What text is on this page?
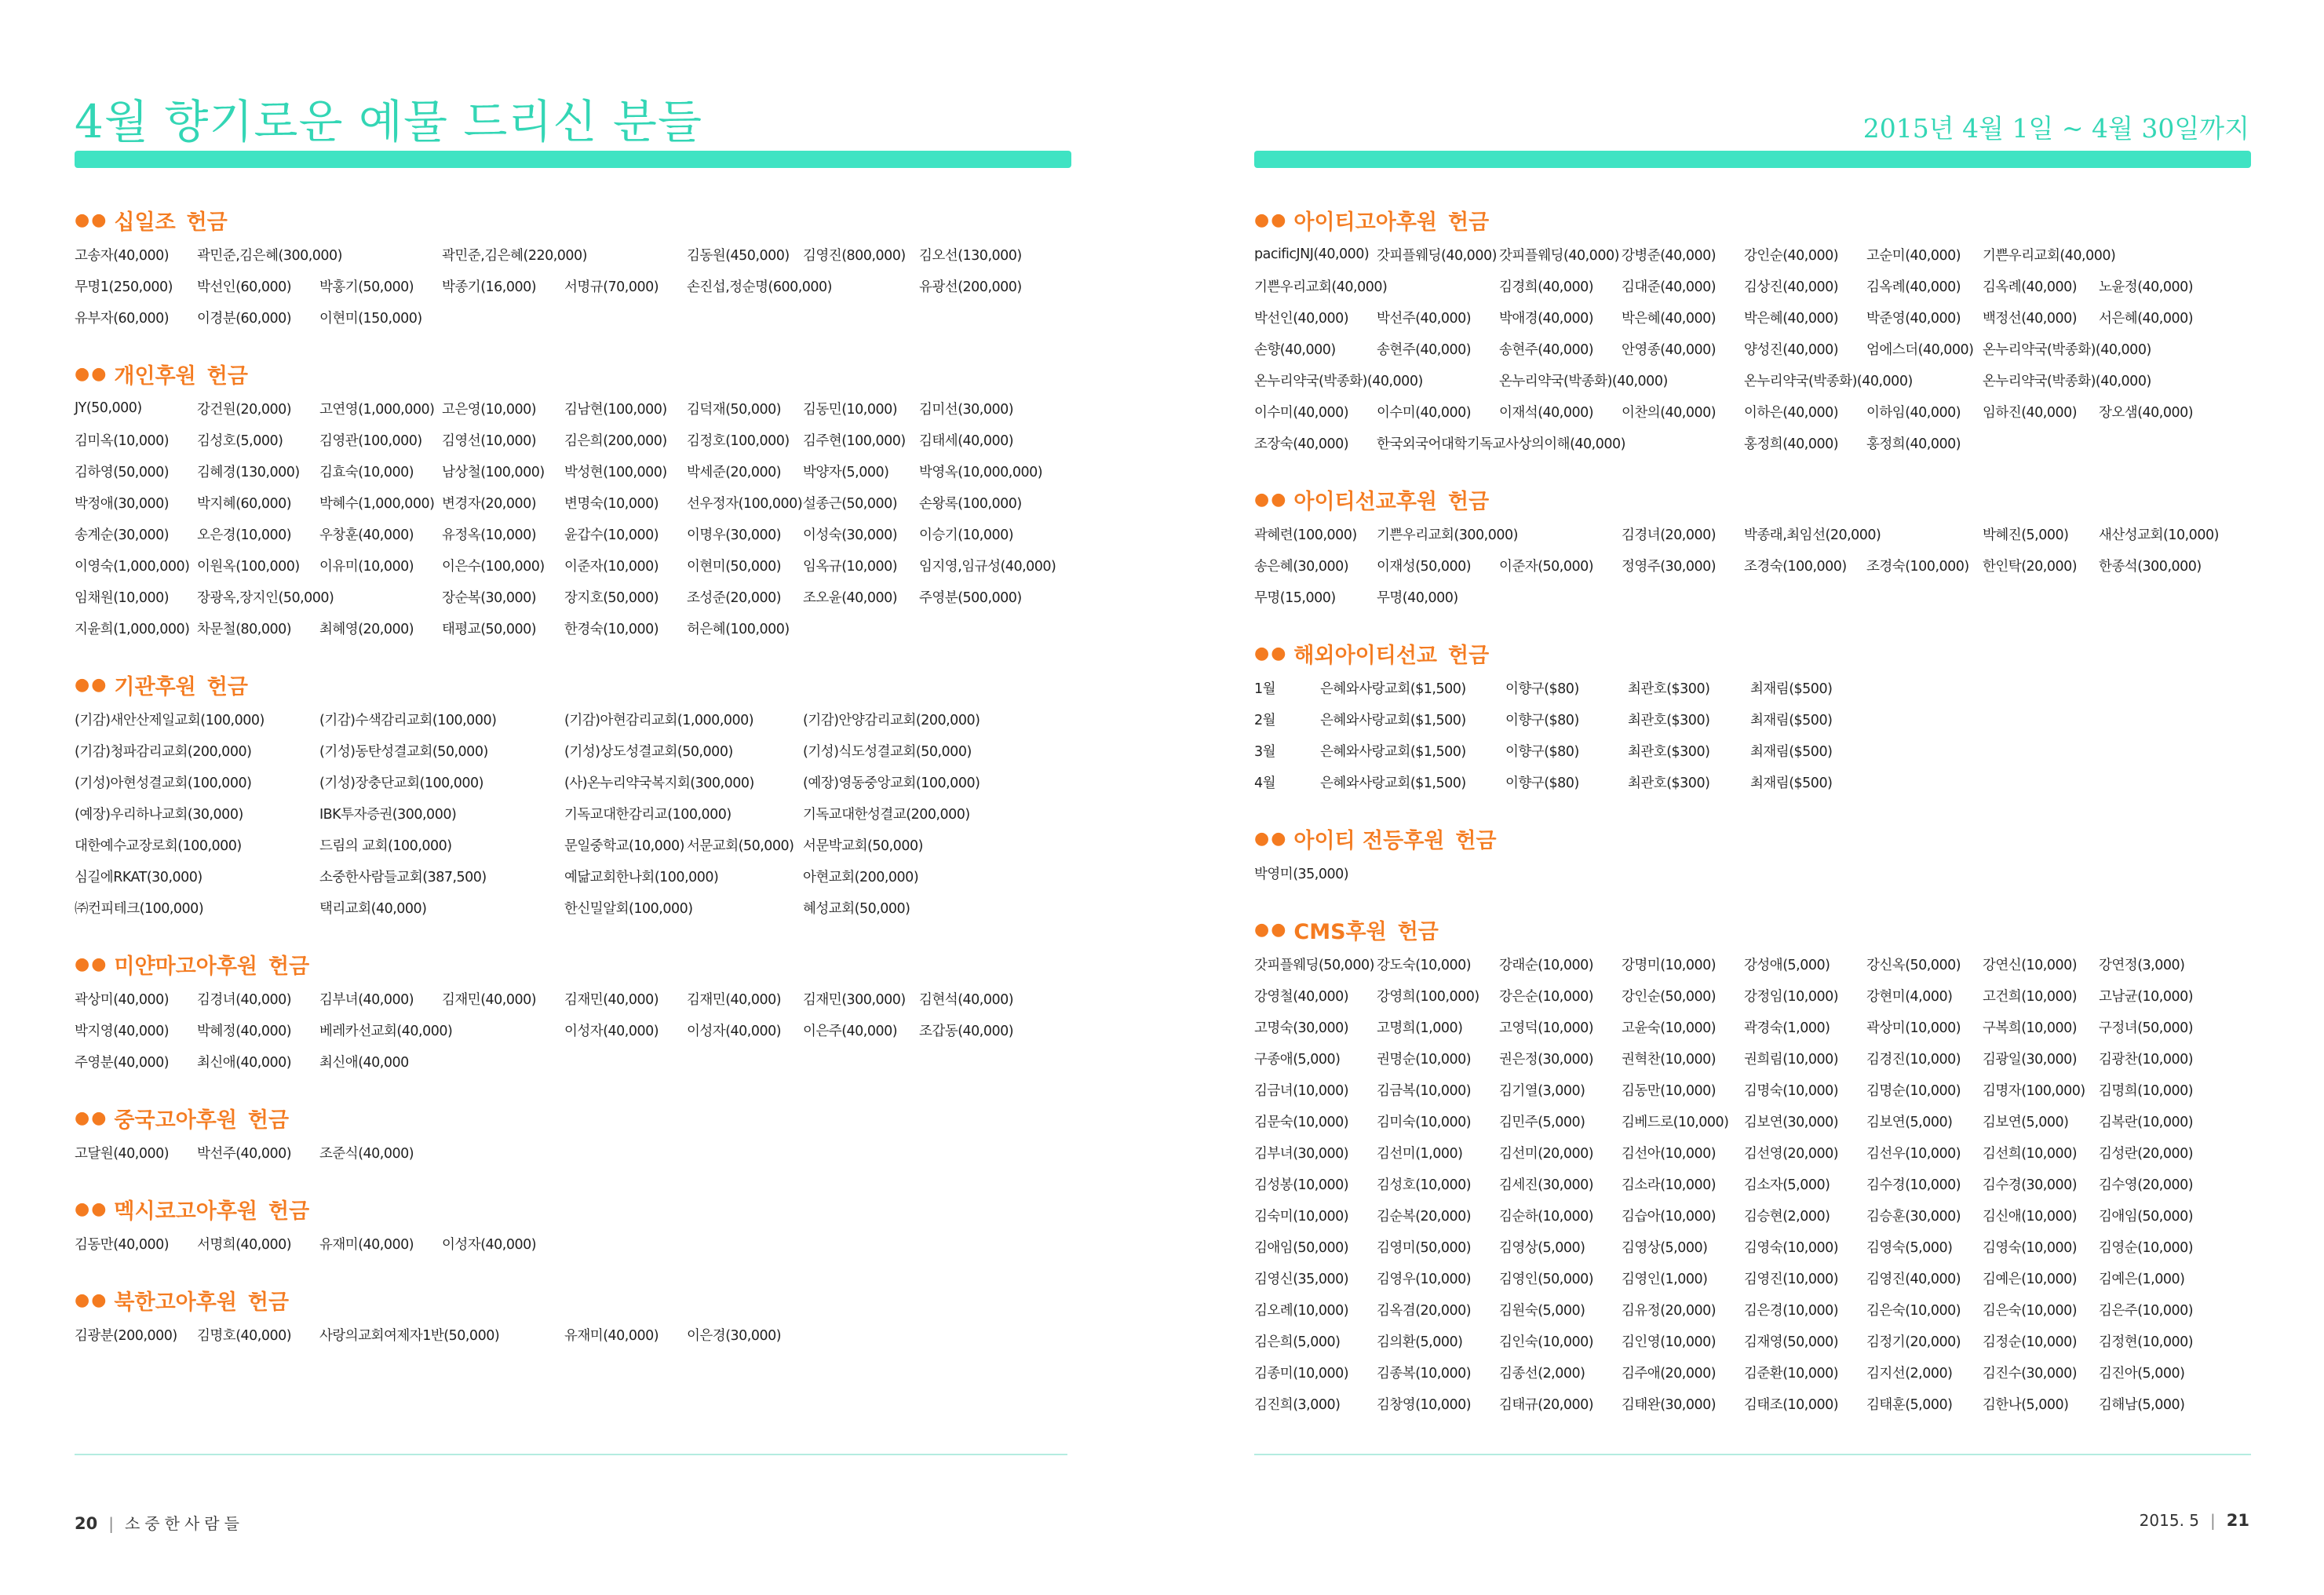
4월 향기로운 예물 드리신 분들	2015년 4월 1일 ~ 4월 30일까지
●● 십일조 헌금
고송자(40,000)	곽민준,김은혜(300,000)	곽민준,김은혜(220,000)	김동원(450,000) 김영진(800,000) 김오선(130,000)
무명1(250,000)	박선인(60,000)	박홍기(50,000)	박종기(16,000)	서명규(70,000)	손진섭,정순명(600,000)	유광선(200,000)
유부자(60,000)	이경분(60,000)	이현미(150,000)
●● 개인후원 헌금
JY(50,000)	강건원(20,000)	고연영(1,000,000) 고은영(10,000)	김남현(100,000)	김덕재(50,000)	김동민(10,000)	김미선(30,000)
김미옥(10,000)	김성호(5,000)	김영관(100,000)	김영선(10,000)	김은희(200,000)	김정호(100,000) 김주현(100,000) 김태세(40,000)
김하영(50,000)	김혜경(130,000)	김효숙(10,000)	남상철(100,000)	박성현(100,000)	박세준(20,000)	박양자(5,000)	박영옥(10,000,000)
박정애(30,000)	박지혜(60,000)	박혜수(1,000,000) 변경자(20,000)	변명숙(10,000)	선우정자(100,000) 설종근(50,000)	손왕록(100,000)
송계순(30,000)	오은경(10,000)	우창훈(40,000)	유정옥(10,000)	윤갑수(10,000)	이명우(30,000)	이성숙(30,000)	이승기(10,000)
이영숙(1,000,000) 이원옥(100,000)	이유미(10,000)	이은수(100,000)	이준자(10,000)	이현미(50,000)	임옥규(10,000)	임지영,임규성(40,000)
임채원(10,000)	장광옥,장지인(50,000)	장순복(30,000)	장지호(50,000)	조성준(20,000)	조오윤(40,000)	주영분(500,000)
지윤희(1,000,000) 차문철(80,000)	최혜영(20,000)	태평교(50,000)	한경숙(10,000)	허은혜(100,000)
●● 기관후원 헌금
(기감)새안산제일교회(100,000)	(기감)수색감리교회(100,000)	(기감)아현감리교회(1,000,000)	(기감)안양감리교회(200,000)
(기감)청파감리교회(200,000)	(기성)동탄성결교회(50,000)	(기성)상도성결교회(50,000)	(기성)식도성결교회(50,000)
(기성)아현성결교회(100,000)	(기성)장충단교회(100,000)	(사)온누리약국복지회(300,000)	(예장)영동중앙교회(100,000)
(예장)우리하나교회(30,000)	IBK투자증권(300,000)	기독교대한감리교(100,000)	기독교대한성결교(200,000)
대한예수교장로회(100,000)	드림의 교회(100,000)	문일중학교(10,000) 서문교회(50,000) 서문박교회(50,000)
심길에RKAT(30,000)	소중한사람들교회(387,500)	예닮교회한나회(100,000)	아현교회(200,000)
㈜컨피테크(100,000)	택리교회(40,000)	한신밀알회(100,000)	혜성교회(50,000)
●● 미얀마고아후원 헌금
곽상미(40,000)	김경녀(40,000)	김부녀(40,000)	김재민(40,000)	김재민(40,000)	김재민(40,000)	김재민(300,000) 김현석(40,000)
박지영(40,000)	박혜정(40,000)	베레카선교회(40,000)	이성자(40,000)	이성자(40,000)	이은주(40,000)	조갑동(40,000)
주영분(40,000)	최신애(40,000)	최신애(40,000
●● 중국고아후원 헌금
고달원(40,000)	박선주(40,000)	조준식(40,000)
●● 멕시코고아후원 헌금
김동만(40,000)	서명희(40,000)	유재미(40,000)	이성자(40,000)
●● 북한고아후원 헌금
김광분(200,000)	김명호(40,000)	사랑의교회여제자1반(50,000)	유재미(40,000)	이은경(30,000)
●● 아이티고아후원 헌금
pacificJNJ(40,000) 갓피플웨딩(40,000) 갓피플웨딩(40,000) 강병준(40,000)	강인순(40,000)	고순미(40,000)	기쁜우리교회(40,000)
기쁜우리교회(40,000)	김경희(40,000)	김대준(40,000)	김상진(40,000)	김옥례(40,000)	김옥례(40,000)	노윤정(40,000)
박선인(40,000)	박선주(40,000)	박애경(40,000)	박은혜(40,000)	박은혜(40,000)	박준영(40,000)	백정선(40,000)	서은혜(40,000)
손향(40,000)	송현주(40,000)	송현주(40,000)	안영종(40,000)	양성진(40,000)	엄에스더(40,000) 온누리약국(박종화)(40,000)
온누리약국(박종화)(40,000)	온누리약국(박종화)(40,000)	온누리약국(박종화)(40,000)	온누리약국(박종화)(40,000)
이수미(40,000)	이수미(40,000)	이재석(40,000)	이찬의(40,000)	이하은(40,000)	이하임(40,000)	임하진(40,000)	장오샘(40,000)
조장숙(40,000)	한국외국어대학기독교사상의이해(40,000)	홍정희(40,000)	홍정희(40,000)
●● 아이티선교후원 헌금
곽혜련(100,000)	기쁜우리교회(300,000)	김경녀(20,000)	박종래,최임선(20,000)	박혜진(5,000)	새산성교회(10,000)
송은혜(30,000)	이재성(50,000)	이준자(50,000)	정영주(30,000)	조경숙(100,000)	조경숙(100,000) 한인탁(20,000)	한종석(300,000)
무명(15,000)	무명(40,000)
●● 해외아이티선교 헌금
1월	은혜와사랑교회($1,500)	이향구($80)	최관호($300)	최재림($500)
2월	은혜와사랑교회($1,500)	이향구($80)	최관호($300)	최재림($500)
3월	은혜와사랑교회($1,500)	이향구($80)	최관호($300)	최재림($500)
4월	은혜와사랑교회($1,500)	이향구($80)	최관호($300)	최재림($500)
●● 아이티 전등후원 헌금
박영미(35,000)
●● CMS후원 헌금
갓피플웨딩(50,000) 강도숙(10,000)	강래순(10,000)	강명미(10,000)	강성애(5,000)	강신옥(50,000)	강연신(10,000)	강연정(3,000)
강영철(40,000)	강영희(100,000)	강은순(10,000)	강인순(50,000)	강정임(10,000)	강현미(4,000)	고건희(10,000)	고남균(10,000)
고명숙(30,000)	고명희(1,000)	고영덕(10,000)	고윤숙(10,000)	곽경숙(1,000)	곽상미(10,000)	구복희(10,000)	구정녀(50,000)
구종애(5,000)	권명순(10,000)	권은정(30,000)	권혁찬(10,000)	권희림(10,000)	김경진(10,000)	김광일(30,000)	김광찬(10,000)
김금녀(10,000)	김금복(10,000)	김기열(3,000)	김동만(10,000)	김명숙(10,000)	김명순(10,000)	김명자(100,000) 김명희(10,000)
김문숙(10,000)	김미숙(10,000)	김민주(5,000)	김베드로(10,000)	김보연(30,000)	김보연(5,000)	김보연(5,000)	김복란(10,000)
김부녀(30,000)	김선미(1,000)	김선미(20,000)	김선아(10,000)	김선영(20,000)	김선우(10,000)	김선희(10,000)	김성란(20,000)
김성봉(10,000)	김성호(10,000)	김세진(30,000)	김소라(10,000)	김소자(5,000)	김수경(10,000)	김수경(30,000)	김수영(20,000)
김숙미(10,000)	김순복(20,000)	김순하(10,000)	김습아(10,000)	김승현(2,000)	김승훈(30,000)	김신애(10,000)	김애임(50,000)
김애임(50,000)	김영미(50,000)	김영상(5,000)	김영상(5,000)	김영숙(10,000)	김영숙(5,000)	김영숙(10,000)	김영순(10,000)
김영신(35,000)	김영우(10,000)	김영인(50,000)	김영인(1,000)	김영진(10,000)	김영진(40,000)	김예은(10,000)	김예은(1,000)
김오례(10,000)	김옥겸(20,000)	김원숙(5,000)	김유정(20,000)	김은경(10,000)	김은숙(10,000)	김은숙(10,000)	김은주(10,000)
김은희(5,000)	김의환(5,000)	김인숙(10,000)	김인영(10,000)	김재영(50,000)	김정기(20,000)	김정순(10,000)	김정현(10,000)
김종미(10,000)	김종복(10,000)	김종선(2,000)	김주애(20,000)	김준환(10,000)	김지선(2,000)	김진수(30,000)	김진아(5,000)
김진희(3,000)	김창영(10,000)	김태규(20,000)	김태완(30,000)	김태조(10,000)	김태훈(5,000)	김한나(5,000)	김해남(5,000)
20 | 소중한사람들	2015. 5 | 21
